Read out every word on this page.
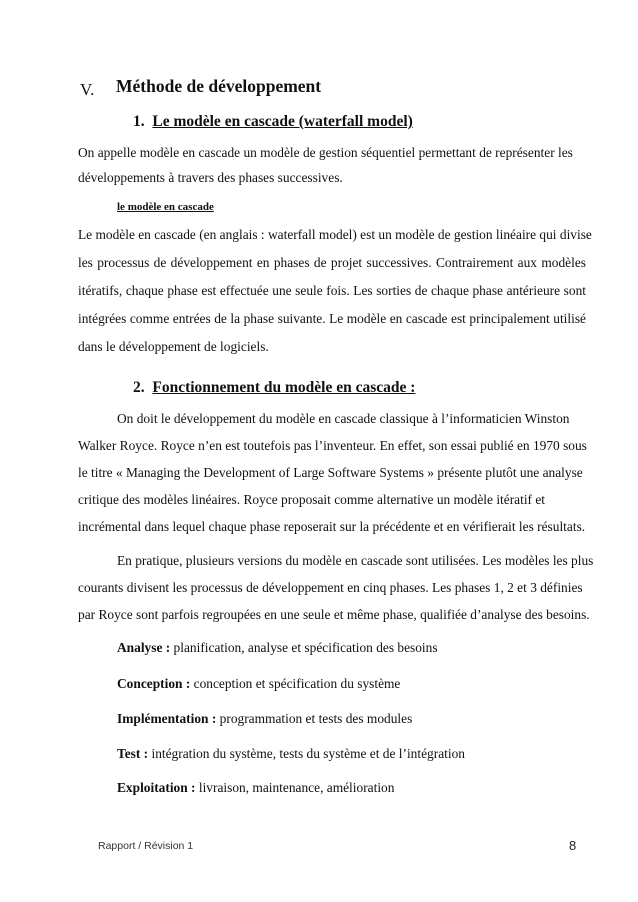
V. Méthode de développement

1. Le modèle en cascade (waterfall model)

On appelle modèle en cascade un modèle de gestion séquentiel permettant de représenter les

développements à travers des phases successives.

le modèle en cascade

Le modèle en cascade (en anglais : waterfall model) est un modèle de gestion linéaire qui divise

les processus de développement en phases de projet successives. Contrairement aux modèles

itératifs, chaque phase est effectuée une seule fois. Les sorties de chaque phase antérieure sont

intégrées comme entrées de la phase suivante. Le modèle en cascade est principalement utilisé

dans le développement de logiciels.

2. Fonctionnement du modèle en cascade :

On doit le développement du modèle en cascade classique à l’informaticien Winston

Walker Royce. Royce n’en est toutefois pas l’inventeur. En effet, son essai publié en 1970 sous

le titre « Managing the Development of Large Software Systems » présente plutôt une analyse

critique des modèles linéaires. Royce proposait comme alternative un modèle itératif et

incrémental dans lequel chaque phase reposerait sur la précédente et en vérifierait les résultats.

En pratique, plusieurs versions du modèle en cascade sont utilisées. Les modèles les plus

courants divisent les processus de développement en cinq phases. Les phases 1, 2 et 3 définies

par Royce sont parfois regroupées en une seule et même phase, qualifiée d’analyse des besoins.

Analyse : planification, analyse et spécification des besoins

Conception : conception et spécification du système

Implémentation : programmation et tests des modules

Test : intégration du système, tests du système et de l’intégration

Exploitation : livraison, maintenance, amélioration

Rapport / Révision 1	8
